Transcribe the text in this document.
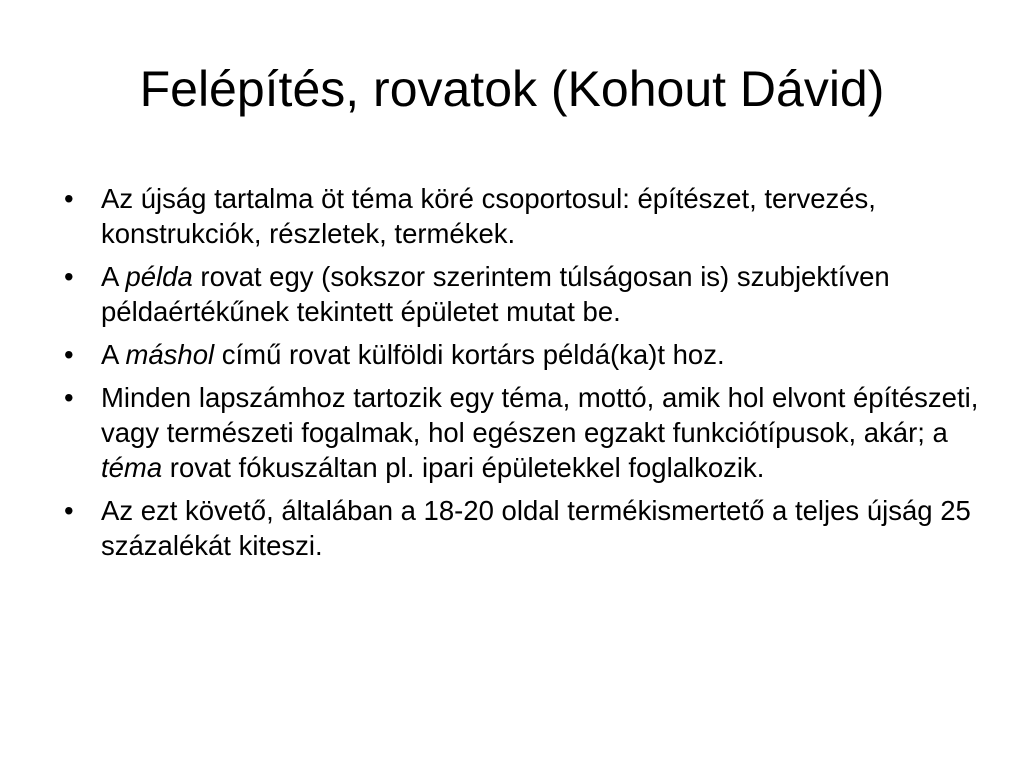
Felépítés, rovatok (Kohout Dávid)
• Az újság tartalma öt téma köré csoportosul: építészet, tervezés, konstrukciók, részletek, termékek.
• A példa rovat egy (sokszor szerintem túlságosan is) szubjektíven példaértékűnek tekintett épületet mutat be.
• A máshol című rovat külföldi kortárs példá(ka)t hoz.
• Minden lapszámhoz tartozik egy téma, mottó, amik hol elvont építészeti, vagy természeti fogalmak, hol egészen egzakt funkciótípusok, akár; a téma rovat fókuszáltan pl. ipari épületekkel foglalkozik.
• Az ezt követő, általában a 18-20 oldal termékismertető a teljes újság 25 százalékát kiteszi.
